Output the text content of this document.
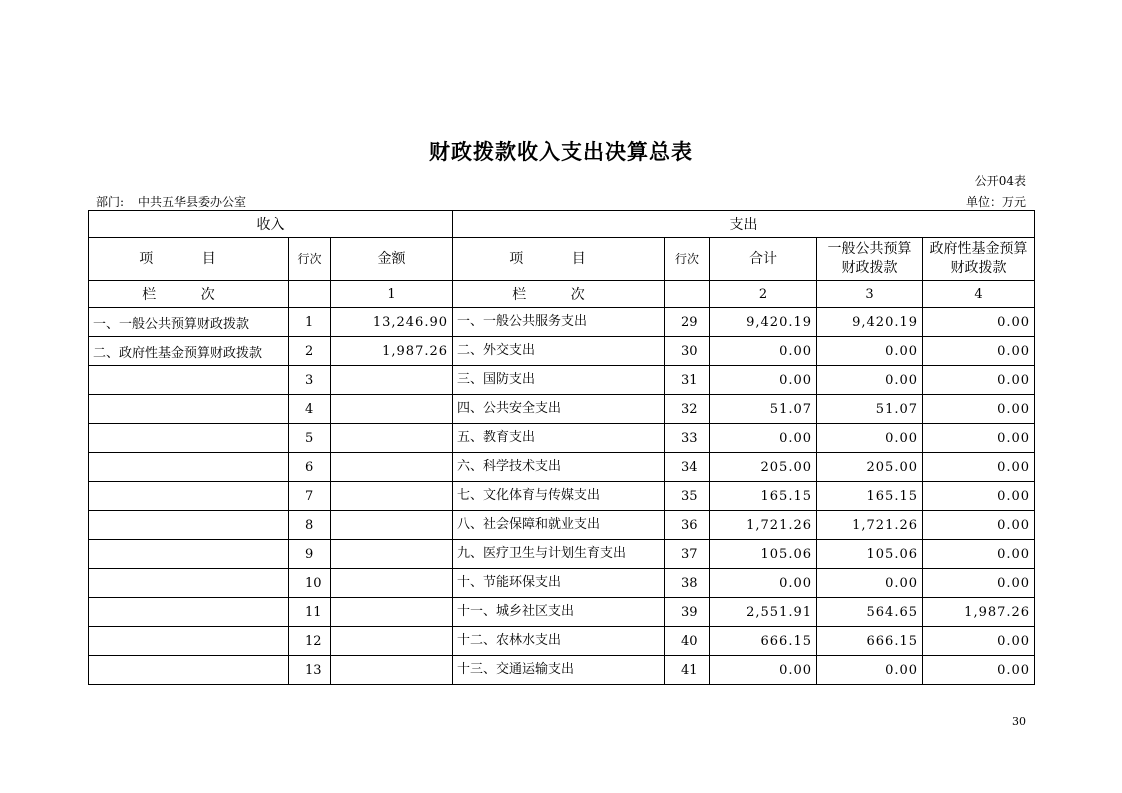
财政拨款收入支出决算总表
公开04表
部门: 中共五华县委办公室	单位：万元
收入			支出				
项 目	行次	金额	项 目	行次	合计	一般公共预算财政拨款	政府性基金预算财政拨款
栏 次		1	栏 次		2	3	4
一、一般公共预算财政拨款	1	13,246.90	一、一般公共服务支出	29	9,420.19	9,420.19	0.00
二、政府性基金预算财政拨款	2	1,987.26	二、外交支出	30	0.00	0.00	0.00
	3		三、国防支出	31	0.00	0.00	0.00
	4		四、公共安全支出	32	51.07	51.07	0.00
	5		五、教育支出	33	0.00	0.00	0.00
	6		六、科学技术支出	34	205.00	205.00	0.00
	7		七、文化体育与传媒支出	35	165.15	165.15	0.00
	8		八、社会保障和就业支出	36	1,721.26	1,721.26	0.00
	9		九、医疗卫生与计划生育支出	37	105.06	105.06	0.00
	10		十、节能环保支出	38	0.00	0.00	0.00
	11		十一、城乡社区支出	39	2,551.91	564.65	1,987.26
	12		十二、农林水支出	40	666.15	666.15	0.00
	13		十三、交通运输支出	41	0.00	0.00	0.00
30
